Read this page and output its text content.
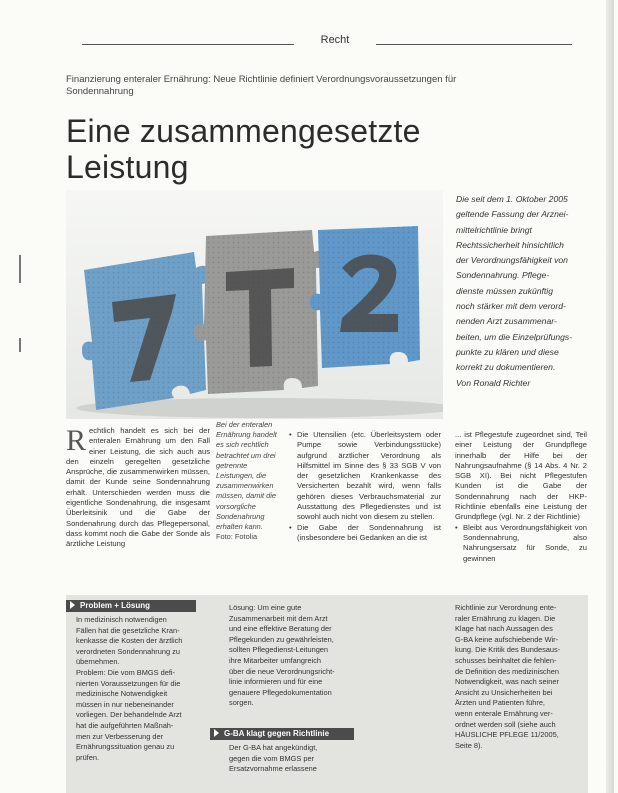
Recht
Finanzierung enteraler Ernährung: Neue Richtlinie definiert Verordnungsvoraussetzungen für Sondennahrung
Eine zusammengesetzte
Leistung
Die seit dem 1. Oktober 2005
geltende Fassung der Arznei-
mittelrichtlinie bringt
Rechtssicherheit hinsichtlich
der Verordnungsfähigkeit von
Sondennahrung. Pflege-
dienste müssen zukünftig
noch stärker mit dem verord-
nenden Arzt zusammenar-
beiten, um die Einzelprüfungs-
punkte zu klären und diese
korrekt zu dokumentieren.
Von Ronald Richter
Rechtlich handelt es sich bei der enteralen Ernährung um den Fall einer Leistung, die sich auch aus den einzeln geregelten gesetzliche Ansprüche, die zusammenwirken müssen, damit der Kunde seine Sondennahrung erhält. Unterschieden werden muss die eigentliche Sondenahrung, die insgesamt Überleitsinik und die Gabe der Sondenahrung durch das Pflegepersonal, dass kommt noch die Gabe der Sonde als ärztliche Leistung
Bei der enteralen Ernährung handelt es sich rechtlich betrachtet um drei getrennte Leistungen, die zusammenwirken müssen, damit die vorsorgliche Sondenahrung erhalten kann.
Foto: Fotolia
• Die Utensilien (etc. Überleitsystem oder Pumpe sowie Verbindungsstücke) aufgrund ärztlicher Verordnung als Hilfsmittel im Sinne des § 33 SGB V von der gesetzlichen Krankenkasse des Versicherten bezahlt wird, wenn falls gehören dieses Verbrauchsmaterial zur Ausstattung des Pflegedienstes und ist sowohl auch nicht von diesem zu stellen.
• Die Gabe der Sondennahrung ist (insbesondere bei Gedanken an die ist
... ist Pflegestufe zugeordnet sind, Teil einer Leistung der Grundpflege innerhalb der Hilfe bei der Nahrungsaufnahme (§ 14 Abs. 4 Nr. 2 SGB XI). Bei nicht Pflegestufen Kunden ist die Gabe der Sondennahrung nach der HKP-Richtlinie ebenfalls eine Leistung der Grundpflege (vgl. Nr. 2 der Richtlinie)
• Bleibt aus Verordnungsfähigkeit von Sondennahrung, also Nahrungsersatz für Sonde, zu gewinnen
Problem + Lösung
In medizinisch notwendigen
Fällen hat die gesetzliche Kran-
kenkasse die Kosten der ärztlich
verordneten Sondennahrung zu
übernehmen.
Problem: Die vom BMGS defi-
nierten Voraussetzungen für die
medizinische Notwendigkeit
müssen in nur nebeneinander
vorliegen. Der behandelnde Arzt
hat die aufgeführten Maßnah-
men zur Verbesserung der
Ernährungssituation genau zu
prüfen.
Lösung: Um eine gute
Zusammenarbeit mit dem Arzt
und eine effektive Beratung der
Pflegekunden zu gewährleisten,
sollten Pflegedienst-Leitungen
ihre Mitarbeiter umfangreich
über die neue Verordnungsricht-
linie informieren und für eine
genauere Pflegedokumentation
sorgen.
G-BA klagt gegen Richtlinie
Der G-BA hat angekündigt,
gegen die vom BMGS per
Ersatzvornahme erlassene
Richtlinie zur Verordnung ente-
raler Ernährung zu klagen. Die
Klage hat nach Aussagen des
G-BA keine aufschiebende Wir-
kung. Die Kritik des Bundesaus-
schusses beinhaltet die fehlen-
de Definition des medizinischen
Notwendigkeit, was nach seiner
Ansicht zu Unsicherheiten bei
Ärzten und Patienten führe,
wenn enterale Ernährung ver-
ordnet werden soll (siehe auch
HÄUSLICHE PFLEGE 11/2005,
Seite 8).
